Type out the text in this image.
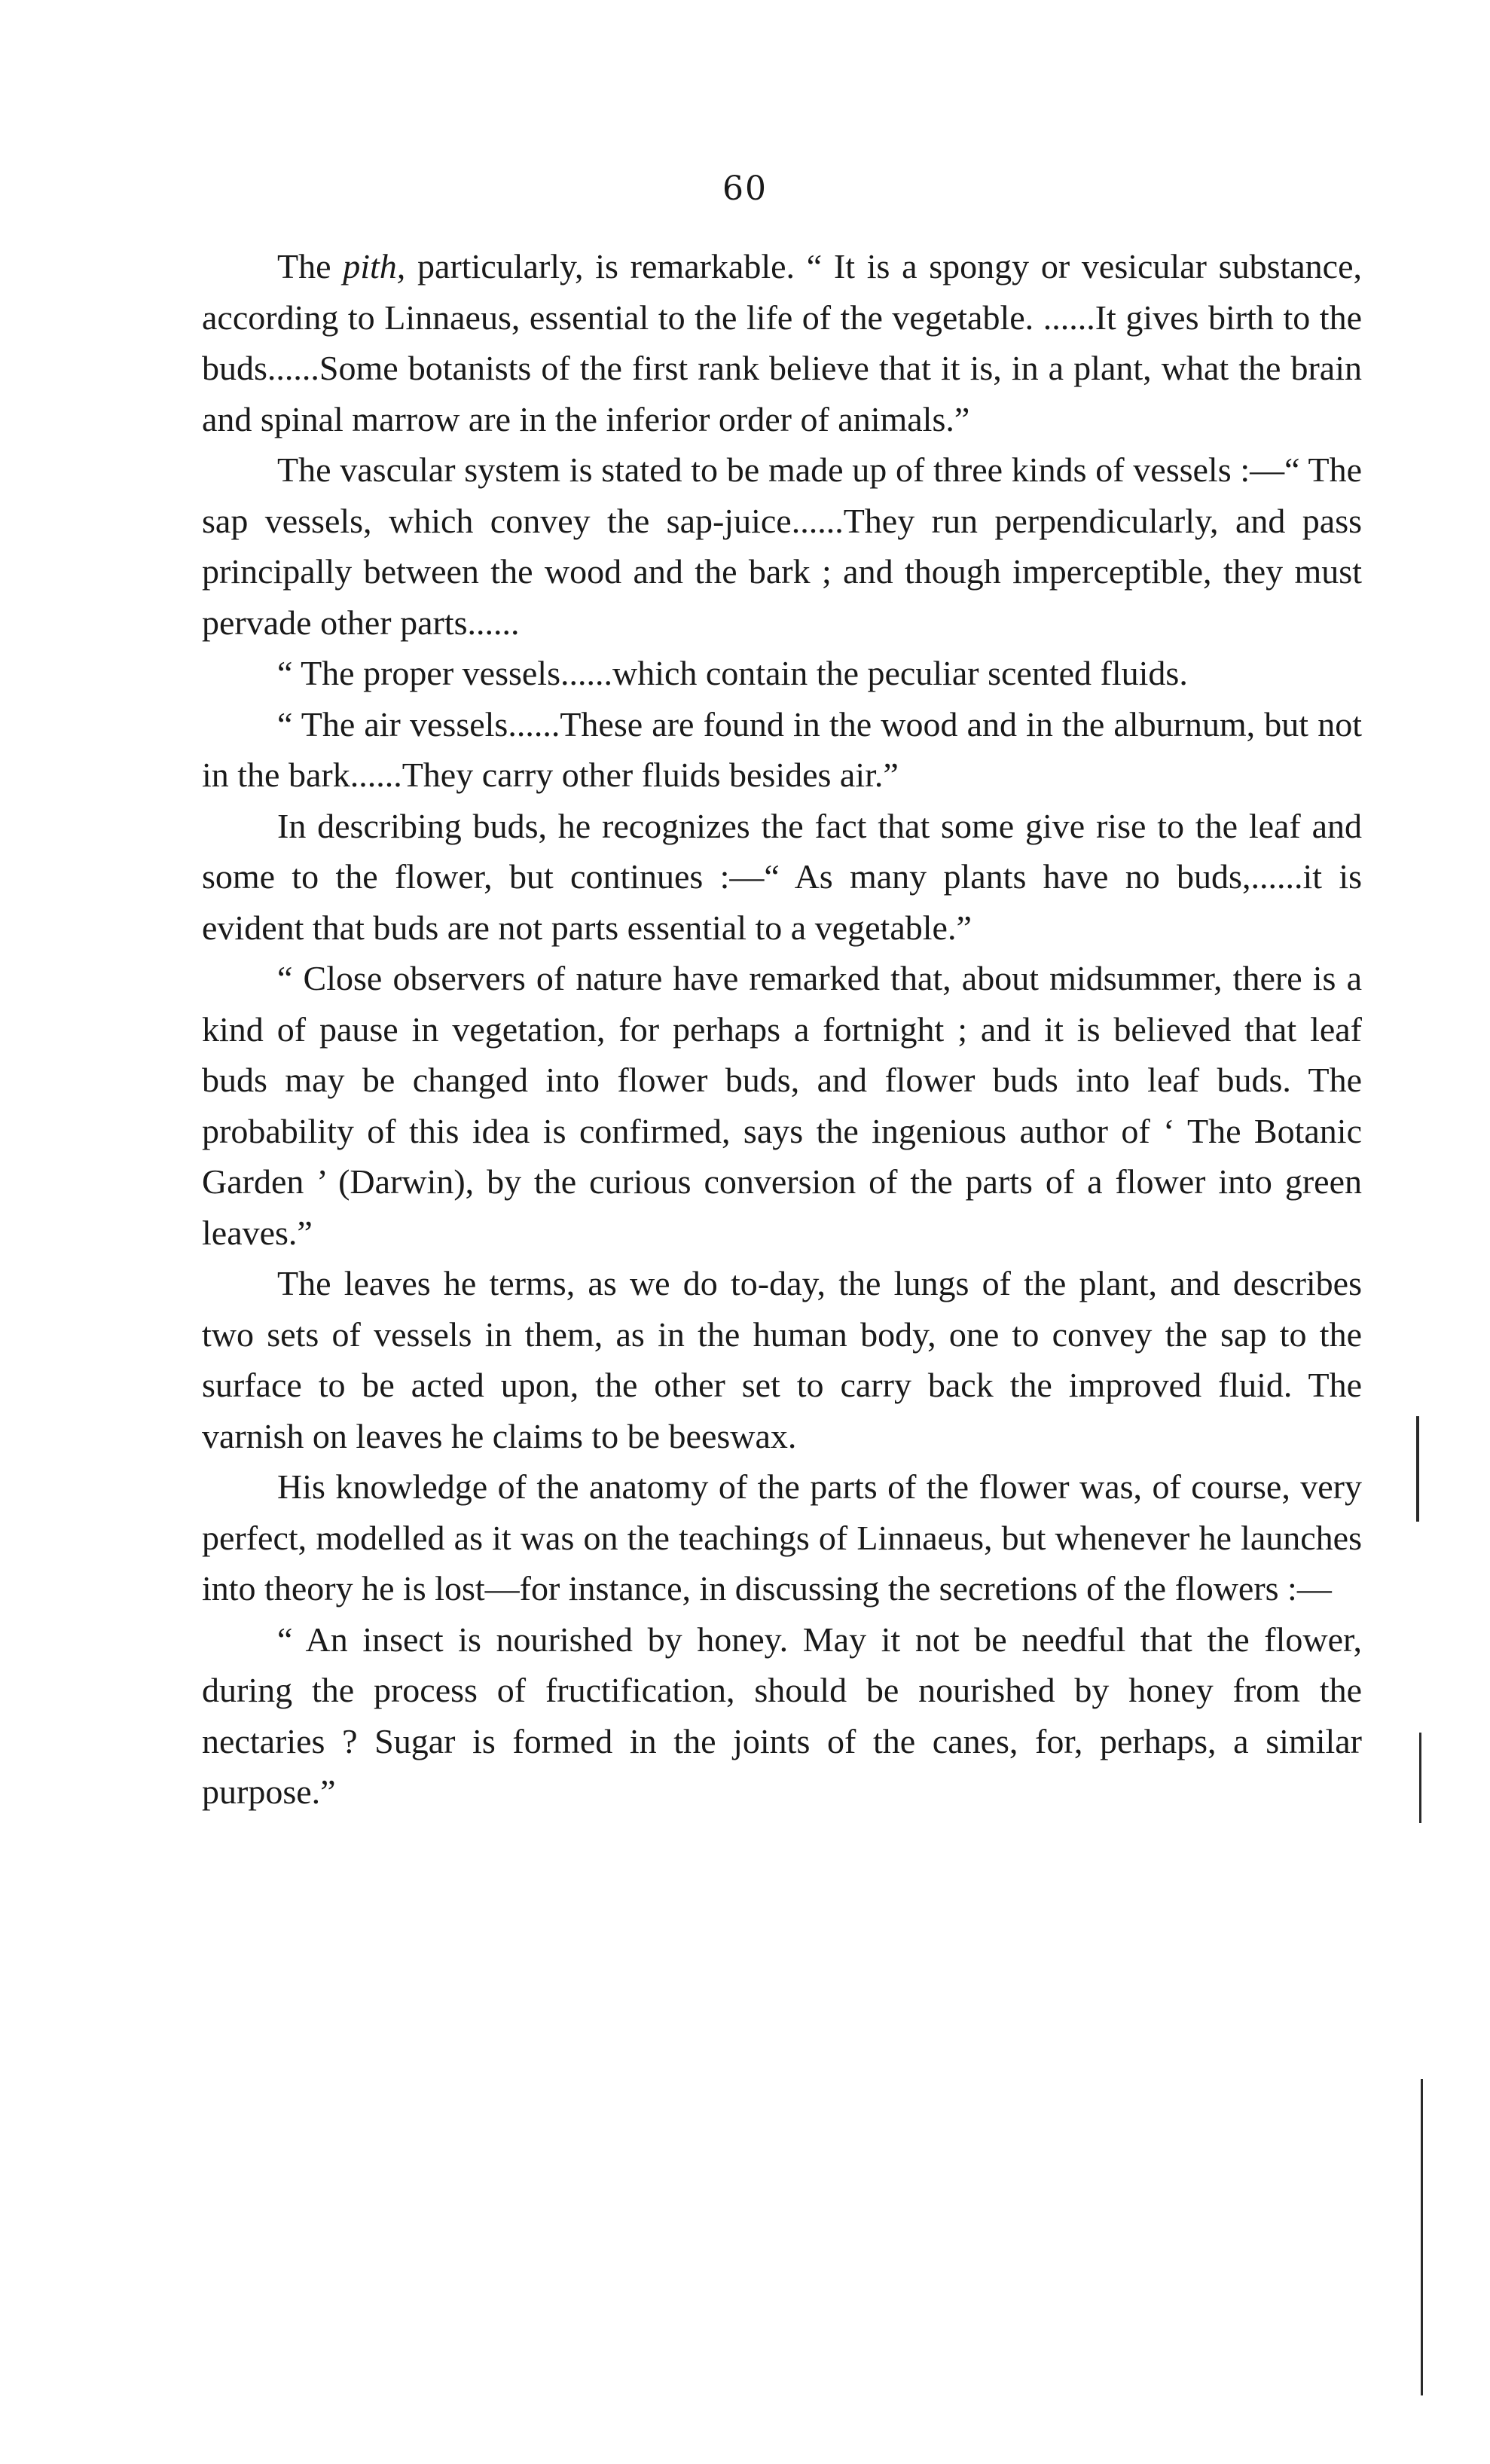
60

The pith, particularly, is remarkable. “ It is a spongy or vesicular substance, according to Linnaeus, essential to the life of the vegetable. ......It gives birth to the buds......Some botanists of the first rank believe that it is, in a plant, what the brain and spinal marrow are in the inferior order of animals.”

The vascular system is stated to be made up of three kinds of vessels :—“ The sap vessels, which convey the sap-juice......They run perpendicularly, and pass principally between the wood and the bark ; and though imperceptible, they must pervade other parts......

“ The proper vessels......which contain the peculiar scented fluids.

“ The air vessels......These are found in the wood and in the alburnum, but not in the bark......They carry other fluids besides air.”

In describing buds, he recognizes the fact that some give rise to the leaf and some to the flower, but continues :—“ As many plants have no buds,......it is evident that buds are not parts essential to a vegetable.”

“ Close observers of nature have remarked that, about midsummer, there is a kind of pause in vegetation, for perhaps a fortnight ; and it is believed that leaf buds may be changed into flower buds, and flower buds into leaf buds. The probability of this idea is confirmed, says the ingenious author of ‘ The Botanic Garden ’ (Darwin), by the curious conversion of the parts of a flower into green leaves.”

The leaves he terms, as we do to-day, the lungs of the plant, and describes two sets of vessels in them, as in the human body, one to convey the sap to the surface to be acted upon, the other set to carry back the improved fluid. The varnish on leaves he claims to be beeswax.

His knowledge of the anatomy of the parts of the flower was, of course, very perfect, modelled as it was on the teachings of Linnaeus, but whenever he launches into theory he is lost—for instance, in discussing the secretions of the flowers :—

“ An insect is nourished by honey. May it not be needful that the flower, during the process of fructification, should be nourished by honey from the nectaries ? Sugar is formed in the joints of the canes, for, perhaps, a similar purpose.”
